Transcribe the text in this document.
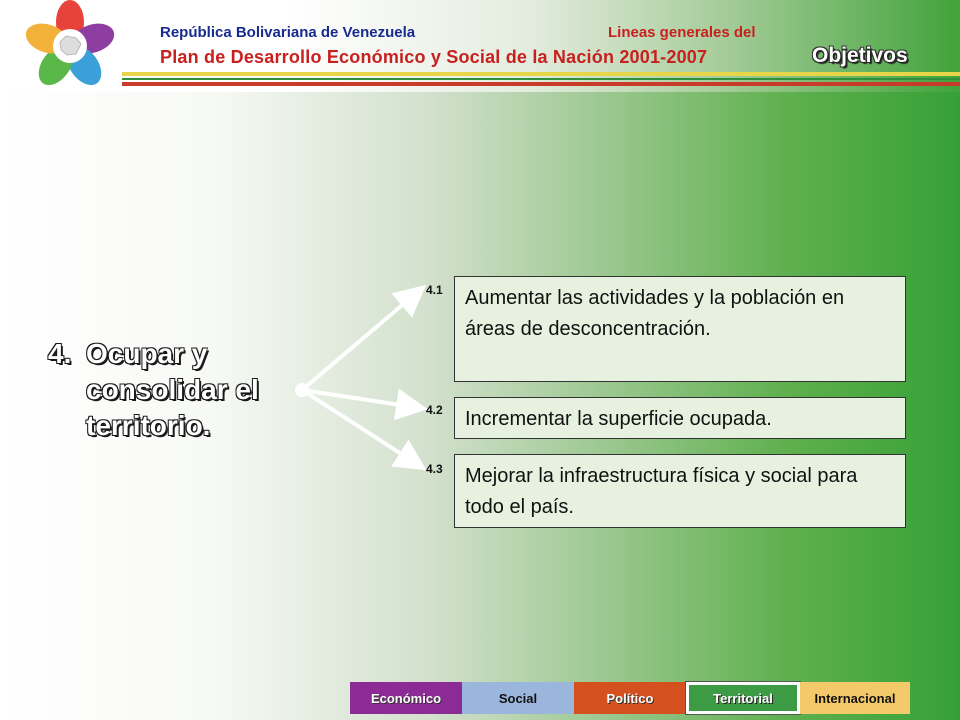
República Bolivariana de Venezuela	Lineas generales del
Plan de Desarrollo Económico y Social de la Nación 2001-2007	Objetivos
4. Ocupar y consolidar el territorio.
4.1	Aumentar las actividades y la población en áreas de desconcentración.
4.2	Incrementar la superficie ocupada.
4.3	Mejorar la infraestructura física y social para todo el país.
Económico	Social	Político	Territorial	Internacional
